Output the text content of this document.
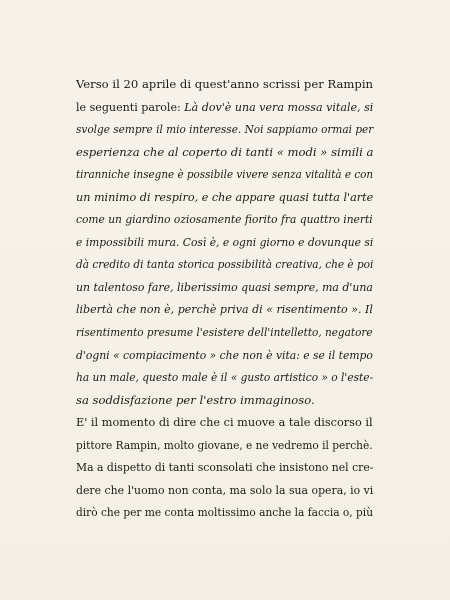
Verso il 20 aprile di quest'anno scrissi per Rampin
le seguenti parole: Là dov'è una vera mossa vitale, si
svolge sempre il mio interesse. Noi sappiamo ormai per
esperienza che al coperto di tanti « modi » simili a
tiranniche insegne è possibile vivere senza vitalità e con
un minimo di respiro, e che appare quasi tutta l'arte
come un giardino oziosamente fiorito fra quattro inerti
e impossibili mura. Così è, e ogni giorno e dovunque si
dà credito di tanta storica possibilità creativa, che è poi
un talentoso fare, liberissimo quasi sempre, ma d'una
libertà che non è, perchè priva di « risentimento ». Il
risentimento presume l'esistere dell'intelletto, negatore
d'ogni « compiacimento » che non è vita: e se il tempo
ha un male, questo male è il « gusto artistico » o l'este-
sa soddisfazione per l'estro immaginoso.
E' il momento di dire che ci muove a tale discorso il
pittore Rampin, molto giovane, e ne vedremo il perchè.
Ma a dispetto di tanti sconsolati che insistono nel cre-
dere che l'uomo non conta, ma solo la sua opera, io vi
dirò che per me conta moltissimo anche la faccia o, più
